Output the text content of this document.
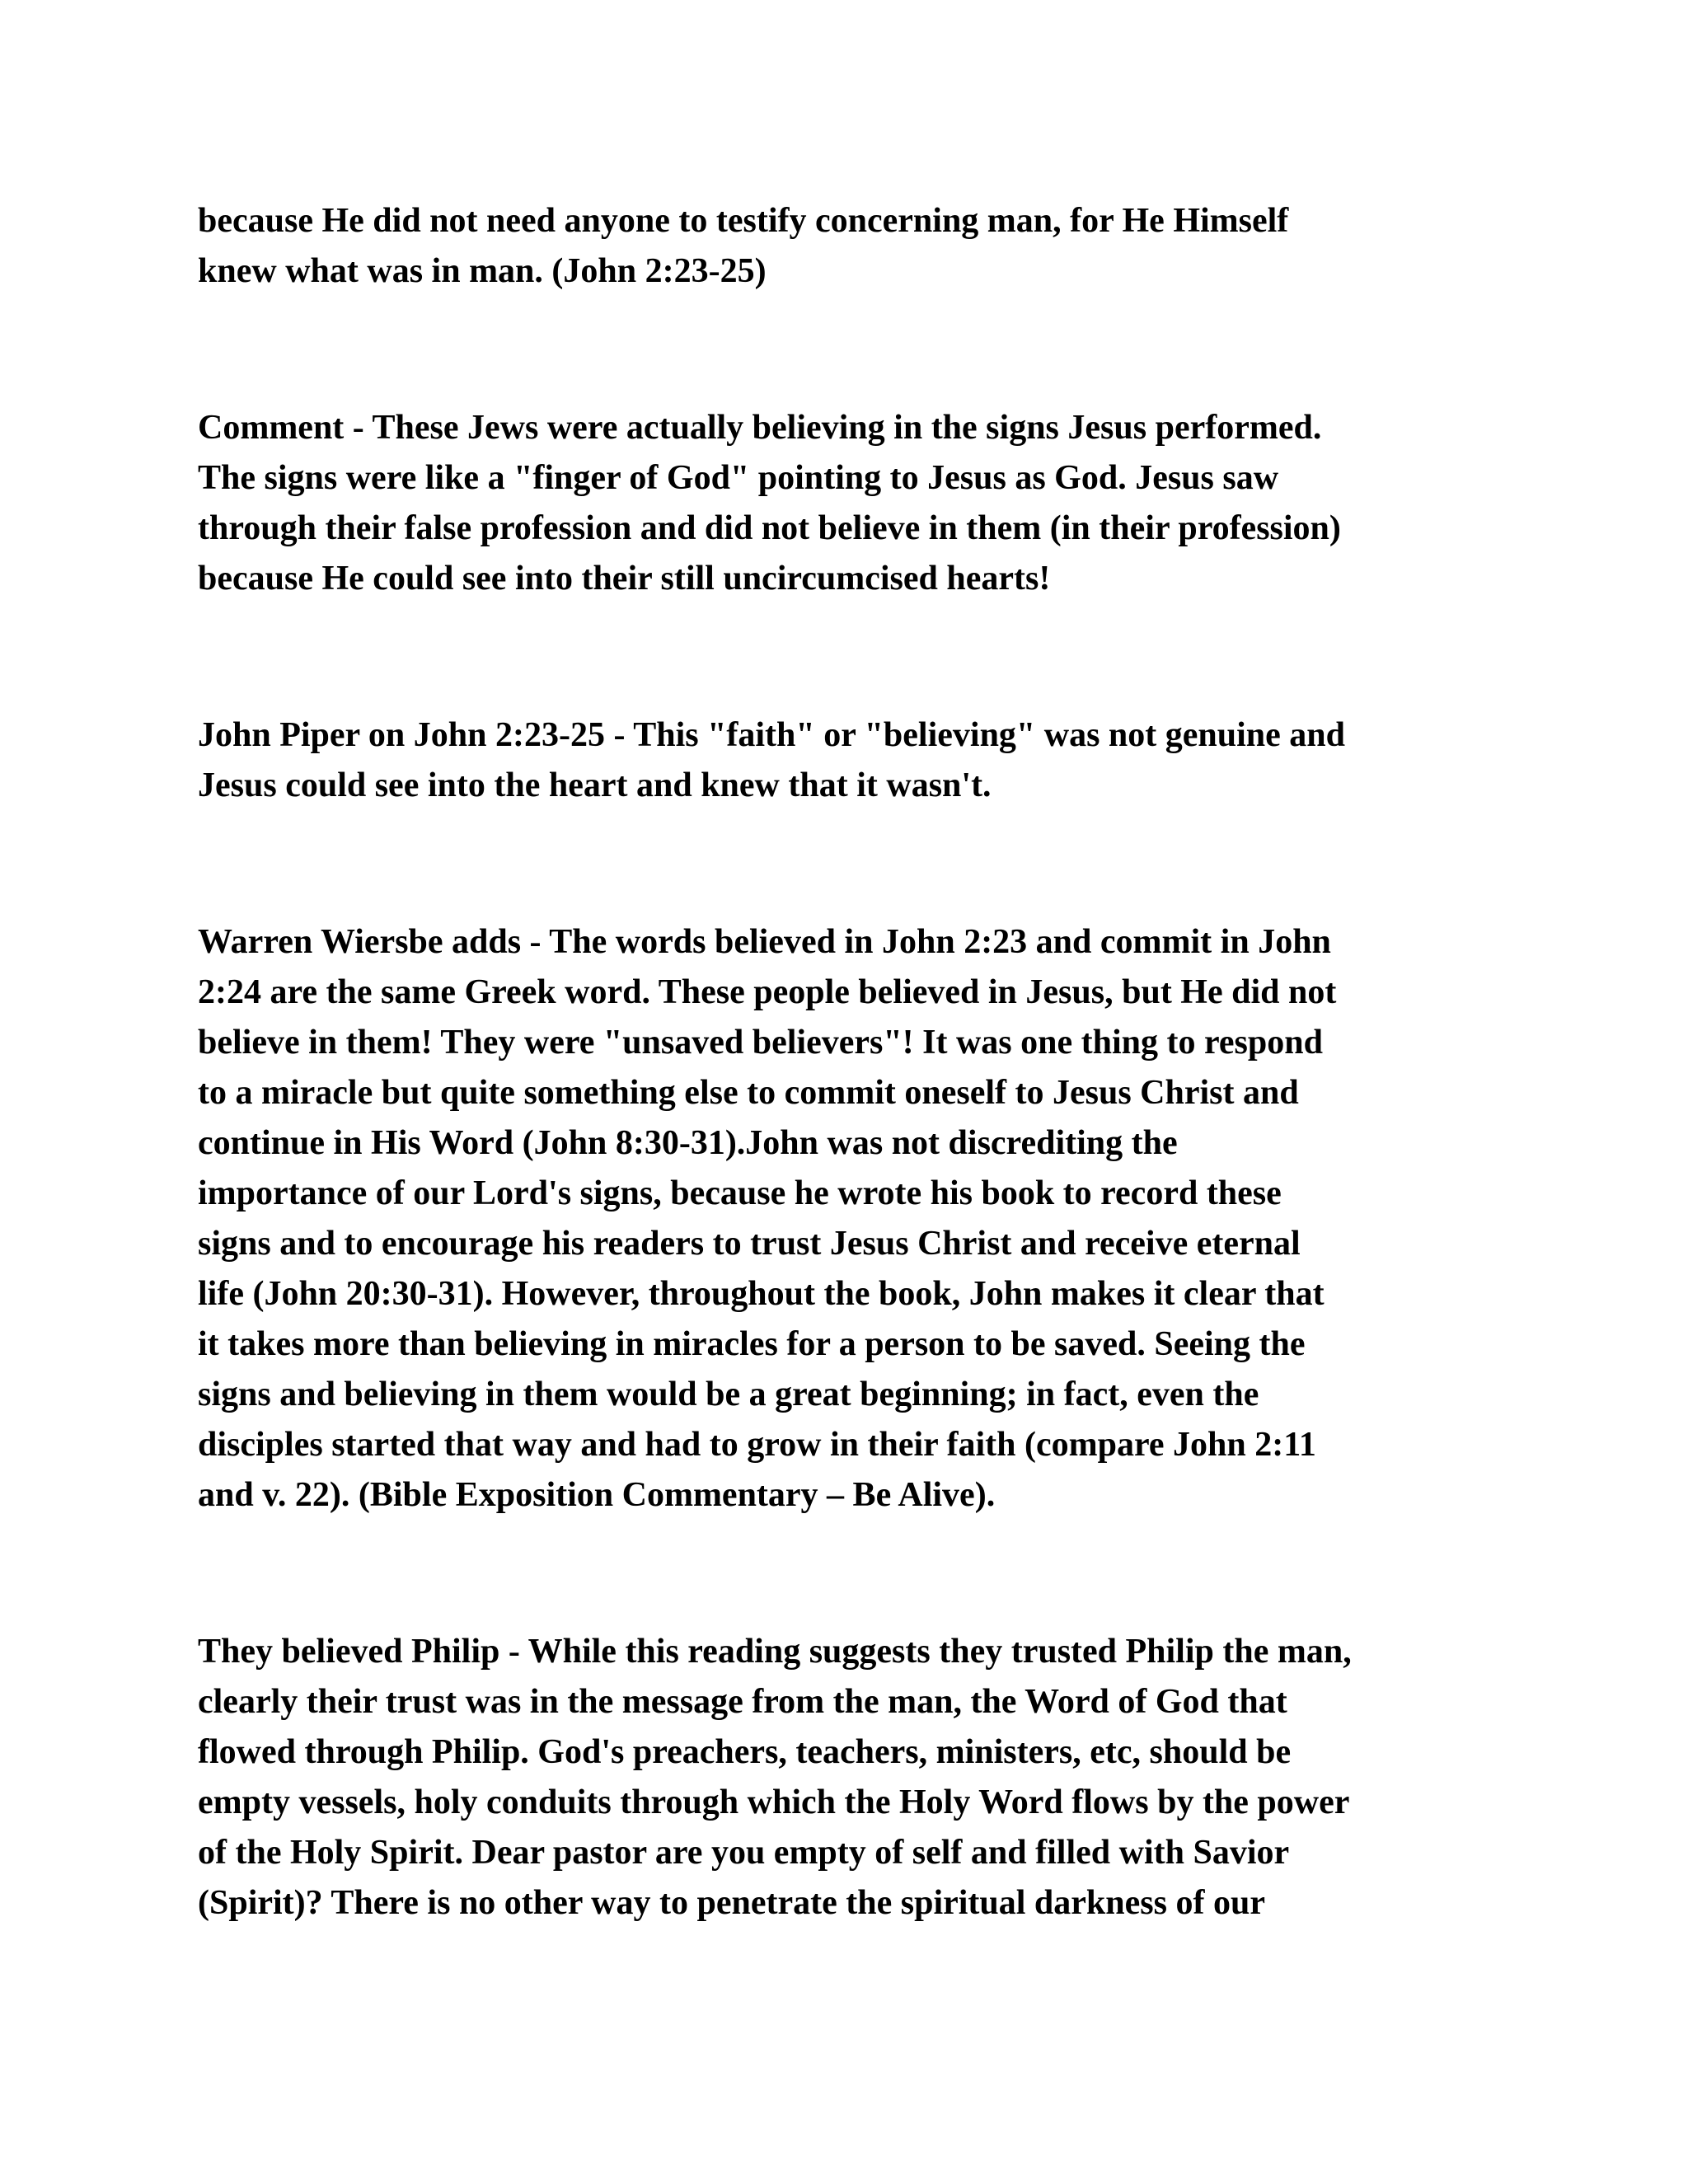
because He did not need anyone to testify concerning man, for He Himself
knew what was in man. (John 2:23-25)

Comment - These Jews were actually believing in the signs Jesus performed.
The signs were like a "finger of God" pointing to Jesus as God. Jesus saw
through their false profession and did not believe in them (in their profession)
because He could see into their still uncircumcised hearts!

John Piper on John 2:23-25 - This "faith" or "believing" was not genuine and
Jesus could see into the heart and knew that it wasn't.

Warren Wiersbe adds - The words believed in John 2:23 and commit in John
2:24 are the same Greek word. These people believed in Jesus, but He did not
believe in them! They were "unsaved believers"! It was one thing to respond
to a miracle but quite something else to commit oneself to Jesus Christ and
continue in His Word (John 8:30-31).John was not discrediting the
importance of our Lord's signs, because he wrote his book to record these
signs and to encourage his readers to trust Jesus Christ and receive eternal
life (John 20:30-31). However, throughout the book, John makes it clear that
it takes more than believing in miracles for a person to be saved. Seeing the
signs and believing in them would be a great beginning; in fact, even the
disciples started that way and had to grow in their faith (compare John 2:11
and v. 22). (Bible Exposition Commentary – Be Alive).

They believed Philip - While this reading suggests they trusted Philip the man,
clearly their trust was in the message from the man, the Word of God that
flowed through Philip. God's preachers, teachers, ministers, etc, should be
empty vessels, holy conduits through which the Holy Word flows by the power
of the Holy Spirit. Dear pastor are you empty of self and filled with Savior
(Spirit)? There is no other way to penetrate the spiritual darkness of our
